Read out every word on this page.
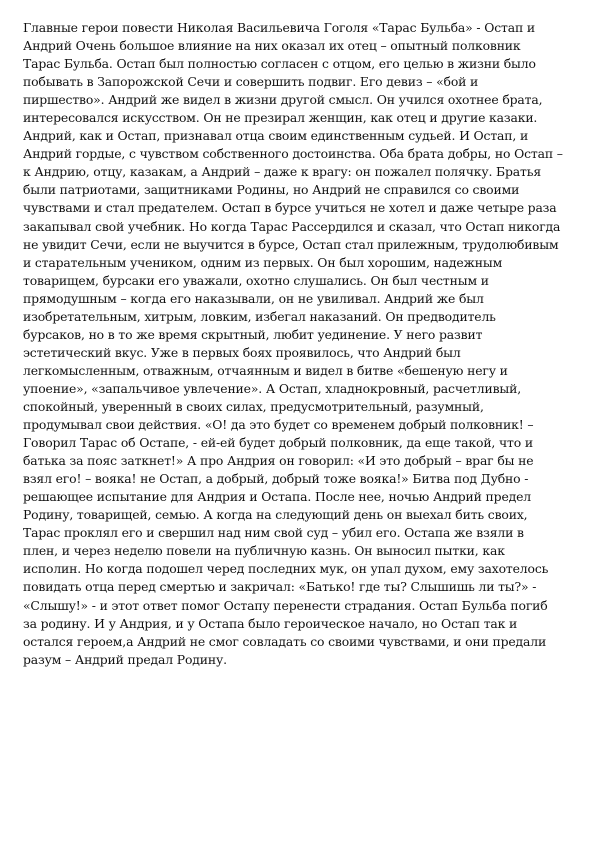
Главные герои повести Николая Васильевича Гоголя «Тарас Бульба» - Остап и
Андрий Очень большое влияние на них оказал их отец – опытный полковник
Тарас Бульба. Остап был полностью согласен с отцом, его целью в жизни было
побывать в Запорожской Сечи и совершить подвиг. Его девиз – «бой и
пиршество». Андрий же видел в жизни другой смысл. Он учился охотнее брата,
интересовался искусством. Он не презирал женщин, как отец и другие казаки.
Андрий, как и Остап, признавал отца своим единственным судьей. И Остап, и
Андрий гордые, с чувством собственного достоинства. Оба брата добры, но Остап –
к Андрию, отцу, казакам, а Андрий – даже к врагу: он пожалел полячку. Братья
были патриотами, защитниками Родины, но Андрий не справился со своими
чувствами и стал предателем. Остап в бурсе учиться не хотел и даже четыре раза
закапывал свой учебник. Но когда Тарас Рассердился и сказал, что Остап никогда
не увидит Сечи, если не выучится в бурсе, Остап стал прилежным, трудолюбивым
и старательным учеником, одним из первых. Он был хорошим, надежным
товарищем, бурсаки его уважали, охотно слушались. Он был честным и
прямодушным – когда его наказывали, он не увиливал. Андрий же был
изобретательным, хитрым, ловким, избегал наказаний. Он предводитель
бурсаков, но в то же время скрытный, любит уединение. У него развит
эстетический вкус. Уже в первых боях проявилось, что Андрий был
легкомысленным, отважным, отчаянным и видел в битве «бешеную негу и
упоение», «запальчивое увлечение». А Остап, хладнокровный, расчетливый,
спокойный, уверенный в своих силах, предусмотрительный, разумный,
продумывал свои действия. «О! да это будет со временем добрый полковник! –
Говорил Тарас об Остапе, - ей-ей будет добрый полковник, да еще такой, что и
батька за пояс заткнет!» А про Андрия он говорил: «И это добрый – враг бы не
взял его! – вояка! не Остап, а добрый, добрый тоже вояка!» Битва под Дубно -
решающее испытание для Андрия и Остапа. После нее, ночью Андрий предел
Родину, товарищей, семью. А когда на следующий день он выехал бить своих,
Тарас проклял его и свершил над ним свой суд – убил его. Остапа же взяли в
плен, и через неделю повели на публичную казнь. Он выносил пытки, как
исполин. Но когда подошел черед последних мук, он упал духом, ему захотелось
повидать отца перед смертью и закричал: «Батько! где ты? Слышишь ли ты?» -
«Слышу!» - и этот ответ помог Остапу перенести страдания. Остап Бульба погиб
за родину. И у Андрия, и у Остапа было героическое начало, но Остап так и
остался героем,а Андрий не смог совладать со своими чувствами, и они предали
разум – Андрий предал Родину.
